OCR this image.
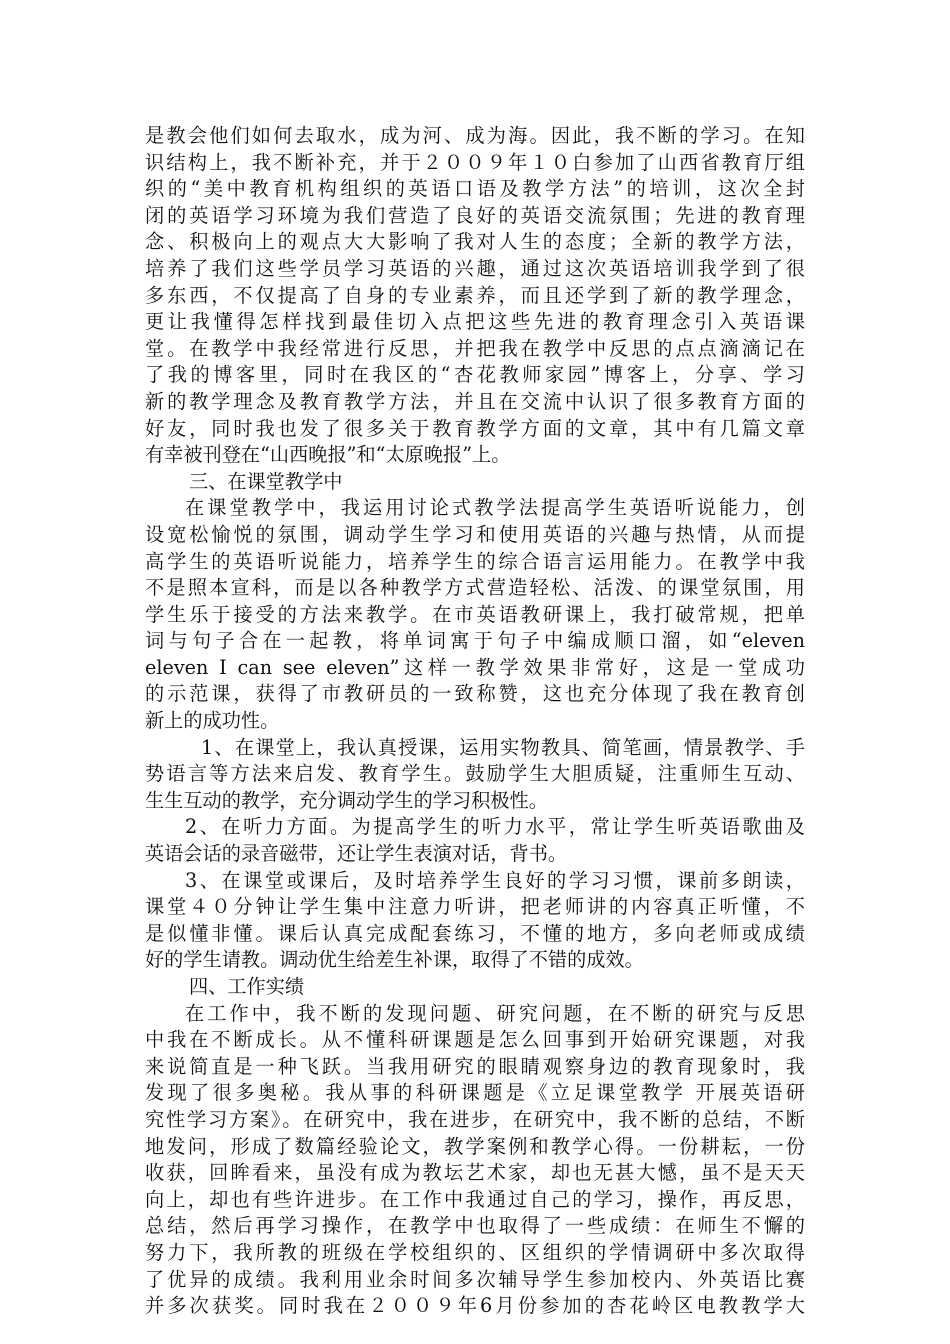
是教会他们如何去取水，成为河、成为海。因此，我不断的学习。在知
识结构上，我不断补充，并于２００９年１０白参加了山西省教育厅组
织的“美中教育机构组织的英语口语及教学方法”的培训，这次全封
闭的英语学习环境为我们营造了良好的英语交流氛围；先进的教育理
念、积极向上的观点大大影响了我对人生的态度；全新的教学方法，
培养了我们这些学员学习英语的兴趣，通过这次英语培训我学到了很
多东西，不仅提高了自身的专业素养，而且还学到了新的教学理念，
更让我懂得怎样找到最佳切入点把这些先进的教育理念引入英语课
堂。在教学中我经常进行反思，并把我在教学中反思的点点滴滴记在
了我的博客里，同时在我区的“杏花教师家园”博客上，分享、学习
新的教学理念及教育教学方法，并且在交流中认识了很多教育方面的
好友，同时我也发了很多关于教育教学方面的文章，其中有几篇文章
有幸被刊登在“山西晚报”和“太原晚报”上。
三、在课堂教学中
在课堂教学中，我运用讨论式教学法提高学生英语听说能力，创
设宽松愉悦的氛围，调动学生学习和使用英语的兴趣与热情，从而提
高学生的英语听说能力，培养学生的综合语言运用能力。在教学中我
不是照本宣科，而是以各种教学方式营造轻松、活泼、的课堂氛围，用
学生乐于接受的方法来教学。在市英语教研课上，我打破常规，把单
词与句子合在一起教，将单词寓于句子中编成顺口溜，如“eleven
eleven I can see eleven”这样一教学效果非常好，这是一堂成功
的示范课，获得了市教研员的一致称赞，这也充分体现了我在教育创
新上的成功性。
1、在课堂上，我认真授课，运用实物教具、简笔画，情景教学、手
势语言等方法来启发、教育学生。鼓励学生大胆质疑，注重师生互动、
生生互动的教学，充分调动学生的学习积极性。
2、在听力方面。为提高学生的听力水平，常让学生听英语歌曲及
英语会话的录音磁带，还让学生表演对话，背书。
3、在课堂或课后，及时培养学生良好的学习习惯，课前多朗读，
课堂４０分钟让学生集中注意力听讲，把老师讲的内容真正听懂，不
是似懂非懂。课后认真完成配套练习，不懂的地方，多向老师或成绩
好的学生请教。调动优生给差生补课，取得了不错的成效。
四、工作实绩
在工作中，我不断的发现问题、研究问题，在不断的研究与反思
中我在不断成长。从不懂科研课题是怎么回事到开始研究课题，对我
来说简直是一种飞跃。当我用研究的眼睛观察身边的教育现象时，我
发现了很多奥秘。我从事的科研课题是《立足课堂教学 开展英语研
究性学习方案》。在研究中，我在进步，在研究中，我不断的总结，不断
地发问，形成了数篇经验论文，教学案例和教学心得。一份耕耘，一份
收获，回眸看来，虽没有成为教坛艺术家，却也无甚大憾，虽不是天天
向上，却也有些许进步。在工作中我通过自己的学习，操作，再反思，
总结，然后再学习操作，在教学中也取得了一些成绩：在师生不懈的
努力下，我所教的班级在学校组织的、区组织的学情调研中多次取得
了优异的成绩。我利用业余时间多次辅导学生参加校内、外英语比赛
并多次获奖。同时我在２００９年6月份参加的杏花岭区电教教学大
